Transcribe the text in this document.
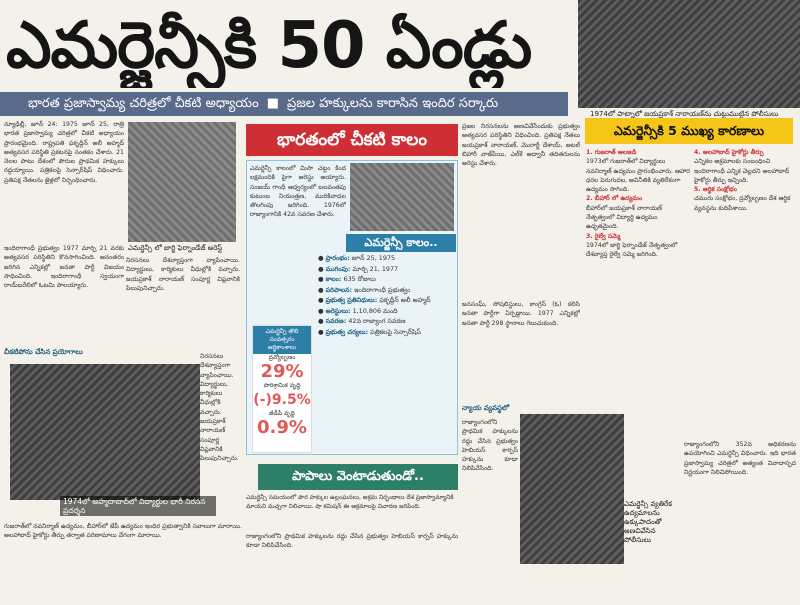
ఎమర్జెన్సీకి 50 ఏండ్లు
భారత ప్రజాస్వామ్య చరిత్రలో చీకటి అధ్యాయం ■ ప్రజల హక్కులను కారాసిన ఇందిర సర్కారు
1974లో పాట్నాలో జయప్రకాశ్ నారాయణ్‌ను చుట్టుముట్టిన పోలీసులు
న్యూఢిల్లీ, జూన్ 24: 1975 జూన్ 25, రాత్రి భారత ప్రజాస్వామ్య చరిత్రలో చీకటి అధ్యాయం ప్రారంభమైంది. రాష్ట్రపతి ఫకృద్దీన్ అలీ అహ్మద్ అత్యవసర పరిస్థితి ప్రకటనపై సంతకం చేశారు. 21 నెలల పాటు దేశంలో పౌరుల ప్రాథమిక హక్కులు రద్దయ్యాయి. పత్రికలపై సెన్సార్‌షిప్ విధించారు. ప్రతిపక్ష నేతలను జైళ్లలో నిర్బంధించారు.
ఎమర్జెన్సీ లో జార్జి ఫెర్నాండేజ్ అరెస్ట్
ఇందిరాగాంధీ ప్రభుత్వం 1977 మార్చి 21 వరకు అత్యవసర పరిస్థితిని కొనసాగించింది. అనంతరం జరిగిన ఎన్నికల్లో జనతా పార్టీ విజయం సాధించింది. ఇందిరాగాంధీ స్వయంగా రాయ్‌బరేలిలో ఓటమి పాలయ్యారు.
నిరసనలు దేశవ్యాప్తంగా వ్యాపించాయి. విద్యార్థులు, కార్మికులు వీధుల్లోకి వచ్చారు. జయప్రకాశ్ నారాయణ్ సంపూర్ణ విప్లవానికి పిలుపునిచ్చారు.
చీకటిపోను చేసిన ప్రయోగాలు
1974లో అహ్మదాబాద్‌లో విద్యార్థుల భారీ నిరసన ప్రదర్శన
నిరసనలు దేశవ్యాప్తంగా వ్యాపించాయి. విద్యార్థులు, కార్మికులు వీధుల్లోకి వచ్చారు. జయప్రకాశ్ నారాయణ్ సంపూర్ణ విప్లవానికి పిలుపునిచ్చారు.
గుజరాత్‌లో నవనిర్మాణ్ ఉద్యమం, బీహార్‌లో జేపీ ఉద్యమం ఇందిర ప్రభుత్వానికి సవాలుగా మారాయి. అలహాబాద్ హైకోర్టు తీర్పు తర్వాత పరిణామాలు వేగంగా మారాయి.
భారతంలో చీకటి కాలం
ఎమర్జెన్సీ కాలంలో మిసా చట్టం కింద లక్షమందికి పైగా అరెస్టు అయ్యారు. సంజయ్ గాంధీ ఆధ్వర్యంలో బలవంతపు కుటుంబ నియంత్రణ, మురికివాడల తొలగింపు జరిగింది. 1976లో రాజ్యాంగానికి 42వ సవరణ చేశారు.
ఎమర్జెన్సీ కాలం..
● ప్రారంభం: జూన్ 25, 1975
● ముగింపు: మార్చి 21, 1977
● కాలం: 635 రోజులు
● పరిపాలన: ఇందిరాగాంధీ ప్రభుత్వం
● ప్రభుత్వ ప్రతినిధులు: ఫకృద్దీన్ అలీ అహ్మద్
● అరెస్టులు: 1,10,806 మంది
● సవరణ: 42వ రాజ్యాంగ సవరణ
● ప్రభుత్వ చర్యలు: పత్రికలపై సెన్సార్‌షిప్
ఎమర్జెన్సీ తొలి సంవత్సరం ఆర్థికాంశాలు
ద్రవ్యోల్బణం
29%
పారిశ్రామిక వృద్ధి
(-)9.5%
జీడీపీ వృద్ధి
0.9%
పాపాలు వెంటాడుతుండో..
ఎమర్జెన్సీ సమయంలో పౌర హక్కుల ఉల్లంఘనలు, అక్రమ నిర్బంధాలు దేశ ప్రజాస్వామ్యానికి మాయని మచ్చగా నిలిచాయి. షా కమిషన్ ఈ అక్రమాలపై విచారణ జరిపింది.
రాజ్యాంగంలోని ప్రాథమిక హక్కులను రద్దు చేసిన ప్రభుత్వం హెబియస్ కార్పస్ హక్కును కూడా నిలిపివేసింది.
ప్రజల నిరసనలను అణచివేసేందుకు ప్రభుత్వం అత్యవసర పరిస్థితిని విధించింది. ప్రతిపక్ష నేతలు జయప్రకాశ్ నారాయణ్, మొరార్జీ దేశాయ్, అటల్ బిహారీ వాజ్‌పేయి, ఎల్‌కే అద్వానీ తదితరులను అరెస్టు చేశారు.
జనసంఘ్, సోషలిస్టులు, కాంగ్రెస్ (ఓ) కలిసి జనతా పార్టీగా ఏర్పడ్డాయి. 1977 ఎన్నికల్లో జనతా పార్టీ 298 స్థానాలు గెలుచుకుంది.
న్యాయ వ్యవస్థలో
ఎమర్జెన్సీ వ్యతిరేక ఉద్యమాలను ఉక్కుపాదంతో అణచివేసిన పోలీసులు
రాజ్యాంగంలోని ప్రాథమిక హక్కులను రద్దు చేసిన ప్రభుత్వం హెబియస్ కార్పస్ హక్కును కూడా నిలిపివేసింది.
ఎమర్జెన్సీకి 5 ముఖ్య కారణాలు
1. గుజరాత్ అలజడి
1973లో గుజరాత్‌లో విద్యార్థులు నవనిర్మాణ్ ఉద్యమం ప్రారంభించారు. ఆహార ధరల పెరుగుదల, అవినీతికి వ్యతిరేకంగా ఉద్యమం సాగింది.
2. బీహార్ లో ఉద్యమం
బీహార్‌లో జయప్రకాశ్ నారాయణ్ నేతృత్వంలో విద్యార్థి ఉద్యమం ఉధృతమైంది.
3. రైల్వే సమ్మె
1974లో జార్జి ఫెర్నాండేజ్ నేతృత్వంలో దేశవ్యాప్త రైల్వే సమ్మె జరిగింది.
4. అలహాబాద్ హైకోర్టు తీర్పు
ఎన్నికల అక్రమాలకు సంబంధించి ఇందిరాగాంధీ ఎన్నిక చెల్లదని అలహాబాద్ హైకోర్టు తీర్పు ఇచ్చింది.
5. ఆర్థిక సంక్షోభం
చమురు సంక్షోభం, ద్రవ్యోల్బణం దేశ ఆర్థిక వ్యవస్థను కుదిపేశాయి.
రాజ్యాంగంలోని 352వ అధికరణను ఉపయోగించి ఎమర్జెన్సీ విధించారు. ఇది భారత ప్రజాస్వామ్య చరిత్రలో అత్యంత వివాదాస్పద నిర్ణయంగా నిలిచిపోయింది.
